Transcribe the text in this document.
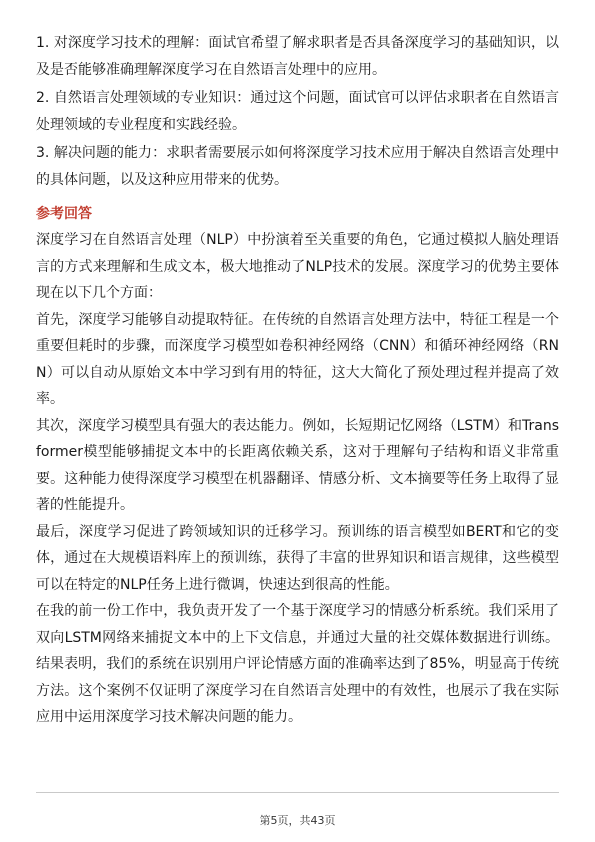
1. 对深度学习技术的理解：面试官希望了解求职者是否具备深度学习的基础知识，以及是否能够准确理解深度学习在自然语言处理中的应用。

2. 自然语言处理领域的专业知识：通过这个问题，面试官可以评估求职者在自然语言处理领域的专业程度和实践经验。

3. 解决问题的能力：求职者需要展示如何将深度学习技术应用于解决自然语言处理中的具体问题，以及这种应用带来的优势。

参考回答

深度学习在自然语言处理（NLP）中扮演着至关重要的角色，它通过模拟人脑处理语言的方式来理解和生成文本，极大地推动了NLP技术的发展。深度学习的优势主要体现在以下几个方面：

首先，深度学习能够自动提取特征。在传统的自然语言处理方法中，特征工程是一个重要但耗时的步骤，而深度学习模型如卷积神经网络（CNN）和循环神经网络（RNN）可以自动从原始文本中学习到有用的特征，这大大简化了预处理过程并提高了效率。

其次，深度学习模型具有强大的表达能力。例如，长短期记忆网络（LSTM）和Transformer模型能够捕捉文本中的长距离依赖关系，这对于理解句子结构和语义非常重要。这种能力使得深度学习模型在机器翻译、情感分析、文本摘要等任务上取得了显著的性能提升。

最后，深度学习促进了跨领域知识的迁移学习。预训练的语言模型如BERT和它的变体，通过在大规模语料库上的预训练，获得了丰富的世界知识和语言规律，这些模型可以在特定的NLP任务上进行微调，快速达到很高的性能。

在我的前一份工作中，我负责开发了一个基于深度学习的情感分析系统。我们采用了双向LSTM网络来捕捉文本中的上下文信息，并通过大量的社交媒体数据进行训练。结果表明，我们的系统在识别用户评论情感方面的准确率达到了85%，明显高于传统方法。这个案例不仅证明了深度学习在自然语言处理中的有效性，也展示了我在实际应用中运用深度学习技术解决问题的能力。

第5页，共43页
